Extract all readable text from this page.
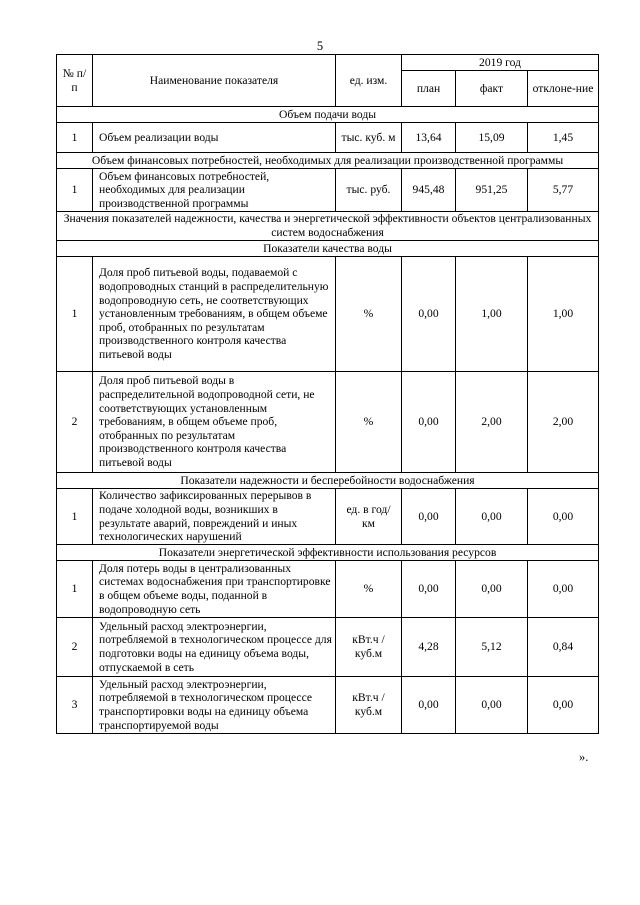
5
№ п/п	Наименование показателя	ед. изм.	2019 год		
			план	факт	отклоне-ние
Объем подачи воды					
1	Объем реализации воды	тыс. куб. м	13,64	15,09	1,45
Объем финансовых потребностей, необходимых для реализации производственной программы					
1	Объем финансовых потребностей, необходимых для реализации производственной программы	тыс. руб.	945,48	951,25	5,77
Значения показателей надежности, качества и энергетической эффективности объектов централизованных систем водоснабжения					
Показатели качества воды					
1	Доля проб питьевой воды, подаваемой с водопроводных станций в распределительную водопроводную сеть, не соответствующих установленным требованиям, в общем объеме проб, отобранных по результатам производственного контроля качества питьевой воды	%	0,00	1,00	1,00
2	Доля проб питьевой воды в распределительной водопроводной сети, не соответствующих установленным требованиям, в общем объеме проб, отобранных по результатам производственного контроля качества питьевой воды	%	0,00	2,00	2,00
Показатели надежности и бесперебойности водоснабжения					
1	Количество зафиксированных перерывов в подаче холодной воды, возникших в результате аварий, повреждений и иных технологических нарушений	ед. в год/ км	0,00	0,00	0,00
Показатели энергетической эффективности использования ресурсов					
1	Доля потерь воды в централизованных системах водоснабжения при транспортировке в общем объеме воды, поданной в водопроводную сеть	%	0,00	0,00	0,00
2	Удельный расход электроэнергии, потребляемой в технологическом процессе для подготовки воды на единицу объема воды, отпускаемой в сеть	кВт.ч / куб.м	4,28	5,12	0,84
3	Удельный расход электроэнергии, потребляемой в технологическом процессе транспортировки воды на единицу объема транспортируемой воды	кВт.ч / куб.м	0,00	0,00	0,00
».
